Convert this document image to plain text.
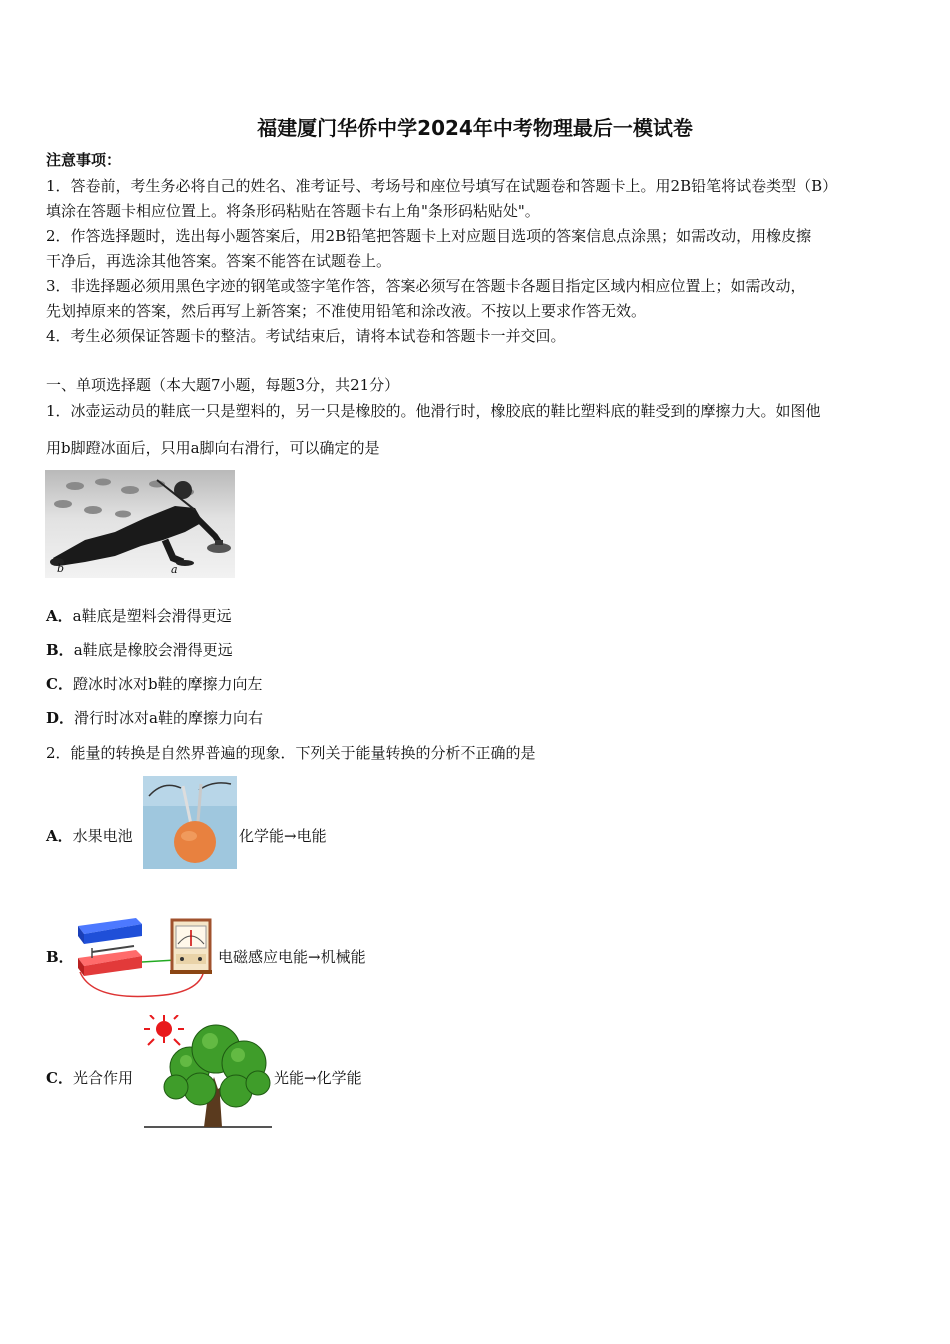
福建厦门华侨中学2024年中考物理最后一模试卷
注意事项：
1．答卷前，考生务必将自己的姓名、准考证号、考场号和座位号填写在试题卷和答题卡上。用2B铅笔将试卷类型（B）
填涂在答题卡相应位置上。将条形码粘贴在答题卡右上角"条形码粘贴处"。
2．作答选择题时，选出每小题答案后，用2B铅笔把答题卡上对应题目选项的答案信息点涂黑；如需改动，用橡皮擦
干净后，再选涂其他答案。答案不能答在试题卷上。
3．非选择题必须用黑色字迹的钢笔或签字笔作答，答案必须写在答题卡各题目指定区域内相应位置上；如需改动，
先划掉原来的答案，然后再写上新答案；不准使用铅笔和涂改液。不按以上要求作答无效。
4．考生必须保证答题卡的整洁。考试结束后，请将本试卷和答题卡一并交回。
一、单项选择题（本大题7小题，每题3分，共21分）
1．冰壶运动员的鞋底一只是塑料的，另一只是橡胶的。他滑行时，橡胶底的鞋比塑料底的鞋受到的摩擦力大。如图他
用b脚蹬冰面后，只用a脚向右滑行，可以确定的是
b	a
A．a鞋底是塑料会滑得更远
B．a鞋底是橡胶会滑得更远
C．蹬冰时冰对b鞋的摩擦力向左
D．滑行时冰对a鞋的摩擦力向右
2．能量的转换是自然界普遍的现象．下列关于能量转换的分析不正确的是
A．水果电池	化学能→电能
B．	电磁感应电能→机械能
C．光合作用	光能→化学能
